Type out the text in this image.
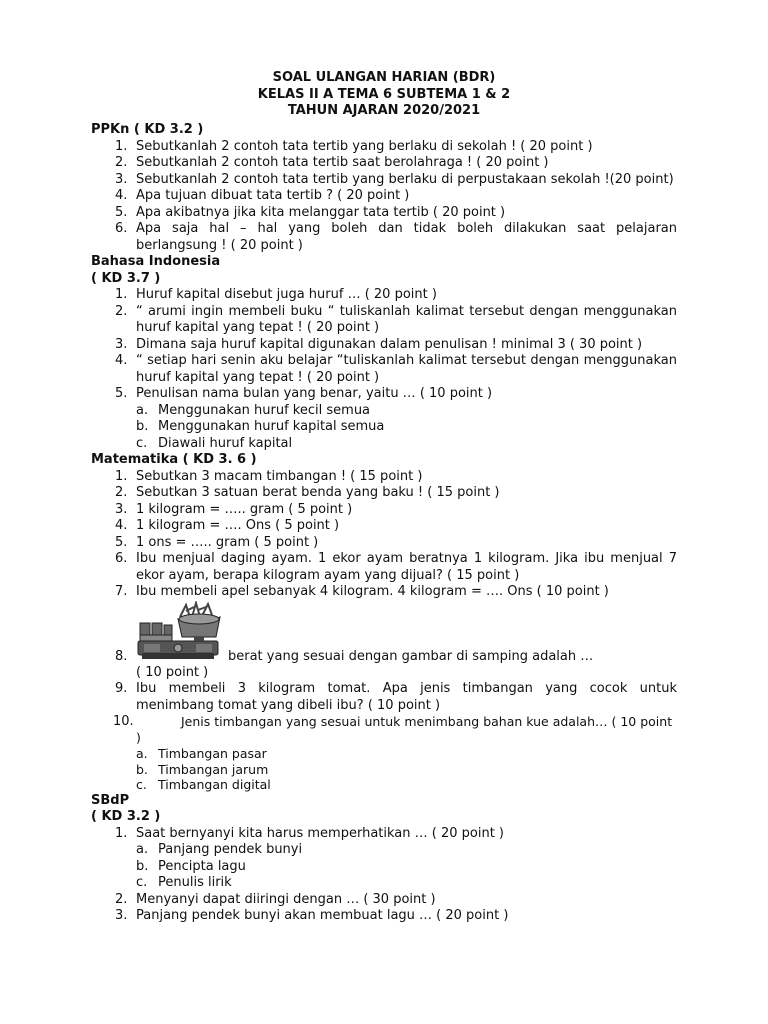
SOAL ULANGAN HARIAN (BDR)
KELAS II A TEMA 6 SUBTEMA 1 & 2
TAHUN AJARAN 2020/2021
PPKn ( KD 3.2 )
1. Sebutkanlah 2 contoh tata tertib yang berlaku di sekolah ! ( 20 point )
2. Sebutkanlah 2 contoh tata tertib saat berolahraga ! ( 20 point )
3. Sebutkanlah 2 contoh tata tertib yang berlaku di perpustakaan sekolah !(20 point)
4. Apa tujuan dibuat tata tertib ? ( 20 point )
5. Apa akibatnya jika kita melanggar tata tertib ( 20 point )
6. Apa saja hal – hal yang boleh dan tidak boleh dilakukan saat pelajaran berlangsung ! ( 20 point )
Bahasa Indonesia
( KD 3.7 )
1. Huruf kapital disebut juga huruf … ( 20 point )
2. “ arumi ingin membeli buku “ tuliskanlah kalimat tersebut dengan menggunakan huruf kapital yang tepat ! ( 20 point )
3. Dimana saja huruf kapital digunakan dalam penulisan ! minimal 3 ( 30 point )
4. “ setiap hari senin aku belajar “tuliskanlah kalimat tersebut dengan menggunakan huruf kapital yang tepat ! ( 20 point )
5. Penulisan nama bulan yang benar, yaitu … ( 10 point )
a. Menggunakan huruf kecil semua
b. Menggunakan huruf kapital semua
c. Diawali huruf kapital
Matematika ( KD 3. 6 )
1. Sebutkan 3 macam timbangan ! ( 15 point )
2. Sebutkan 3 satuan berat benda yang baku ! ( 15 point )
3. 1 kilogram = ….. gram ( 5 point )
4. 1 kilogram = …. Ons ( 5 point )
5. 1 ons = ….. gram ( 5 point )
6. Ibu menjual daging ayam. 1 ekor ayam beratnya 1 kilogram. Jika ibu menjual 7 ekor ayam, berapa kilogram ayam yang dijual? ( 15 point )
7. Ibu membeli apel sebanyak 4 kilogram. 4 kilogram = …. Ons ( 10 point )
8.	berat yang sesuai dengan gambar di samping adalah …
( 10 point )
9. Ibu membeli 3 kilogram tomat. Apa jenis timbangan yang cocok untuk menimbang tomat yang dibeli ibu? ( 10 point )
10.	Jenis timbangan yang sesuai untuk menimbang bahan kue adalah… ( 10 point )
a. Timbangan pasar
b. Timbangan jarum
c. Timbangan digital
SBdP
( KD 3.2 )
1. Saat bernyanyi kita harus memperhatikan … ( 20 point )
a. Panjang pendek bunyi
b. Pencipta lagu
c. Penulis lirik
2. Menyanyi dapat diiringi dengan … ( 30 point )
3. Panjang pendek bunyi akan membuat lagu … ( 20 point )
